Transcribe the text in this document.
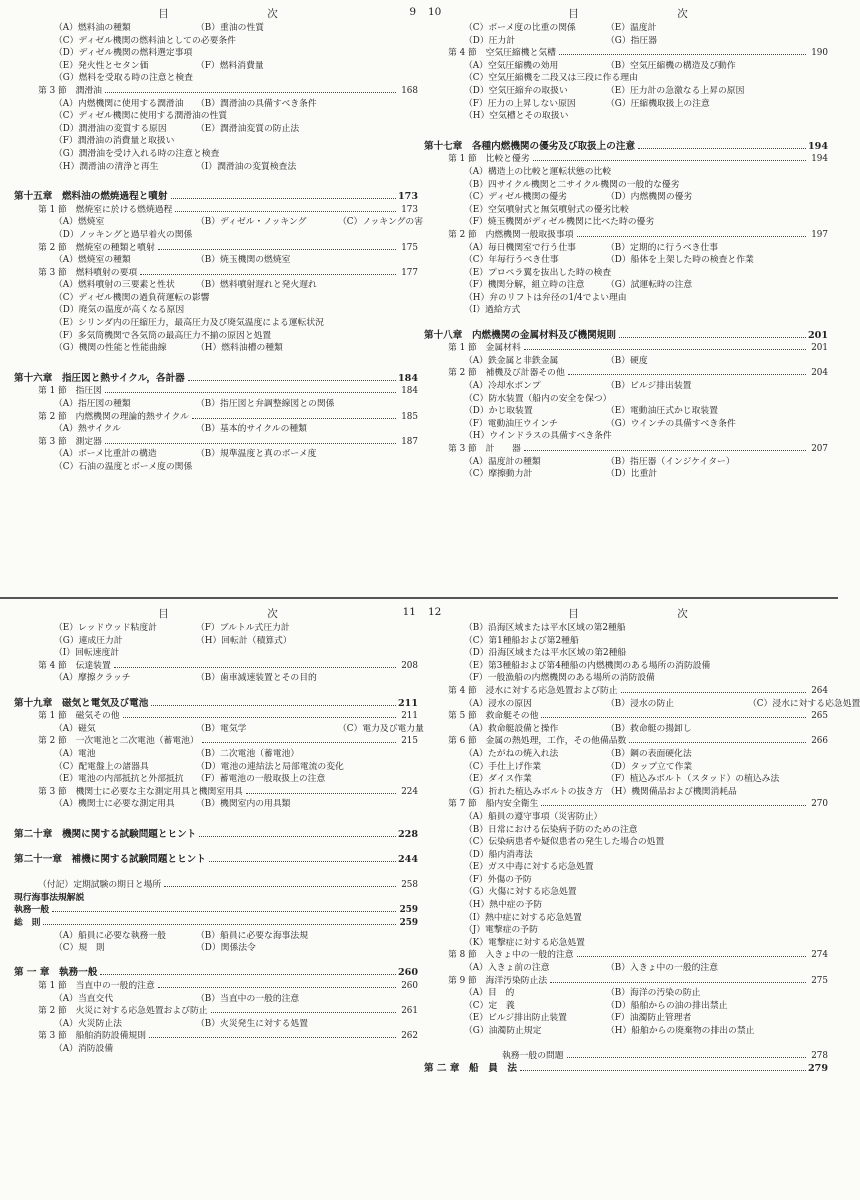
目　次	9
（A）燃料油の種類	（B）重油の性質
（C）ディゼル機関の燃料油としての必要条件
（D）ディゼル機関の燃料選定事項
（E）発火性とセタン価	（F）燃料消費量
（G）燃料を受取る時の注意と検査
第 3 節　潤滑油	168
（A）内燃機関に使用する潤滑油 （B）潤滑油の具備すべき条件
（C）ディゼル機関に使用する潤滑油の性質
（D）潤滑油の変質する原因	（E）潤滑油変質の防止法
（F）潤滑油の消費量と取扱い
（G）潤滑油を受け入れる時の注意と検査
（H）潤滑油の清浄と再生	（I）潤滑油の変質検査法
第十五章　燃料油の燃焼過程と噴射	173
第 1 節　燃焼室に於ける燃焼過程	173
（A）燃焼室	（B）ディゼル・ノッキング	（C）ノッキングの害
（D）ノッキングと過早着火の関係
第 2 節　燃焼室の種類と噴射	175
（A）燃焼室の種類	（B）焼玉機関の燃焼室
第 3 節　燃料噴射の要項	177
（A）燃料噴射の三要素と性状 （B）燃料噴射遅れと発火遅れ
（C）ディゼル機関の過負荷運転の影響
（D）廃気の温度が高くなる原因
（E）シリンダ内の圧縮圧力，最高圧力及び廃気温度による運転状況
（F）多気筒機関で各気筒の最高圧力不揃の原因と処置
（G）機関の性能と性能曲線	（H）燃料油槽の種類
第十六章　指圧図と熱サイクル，各計器	184
第 1 節　指圧図	184
（A）指圧図の種類	（B）指圧図と弁調整線図との関係
第 2 節　内燃機関の理論的熱サイクル	185
（A）熱サイクル	（B）基本的サイクルの種類
第 3 節　測定器	187
（A）ボーメ比重計の構造	（B）規準温度と真のボーメ度
（C）石油の温度とボーメ度の関係
目　次
10
（C）ボーメ度の比重の関係	（E）温度計
（D）圧力計	（G）指圧器
第 4 節　空気圧縮機と気槽	190
（A）空気圧縮機の効用	（B）空気圧縮機の構造及び動作
（C）空気圧縮機を二段又は三段に作る理由
（D）空気圧縮弁の取扱い	（E）圧力計の急激なる上昇の原因
（F）圧力の上昇しない原因	（G）圧縮機取扱上の注意
（H）空気槽とその取扱い
第十七章　各種内燃機関の優劣及び取扱上の注意	194
第 1 節　比較と優劣	194
（A）構造上の比較と運転状態の比較
（B）四サイクル機関と二サイクル機関の一般的な優劣
（C）ディゼル機関の優劣	（D）内燃機関の優劣
（E）空気噴射式と無気噴射式の優劣比較
（F）焼玉機関がディゼル機関に比べた時の優劣
第 2 節　内燃機関一般取扱事項	197
（A）毎日機関室で行う仕事	（B）定期的に行うべき仕事
（C）年毎行うべき仕事	（D）船体を上架した時の検査と作業
（E）プロペラ翼を抜出した時の検査
（F）機関分解，組立時の注意 （G）試運転時の注意
（H）弁のリフトは弁径の1/4でよい理由
（I）過給方式
第十八章　内燃機関の金属材料及び機関規則	201
第 1 節　金属材料	201
（A）鉄金属と非鉄金属	（B）硬度
第 2 節　補機及び計器その他	204
（A）冷却水ポンプ	（B）ビルジ排出装置
（C）防水装置（船内の安全を保つ）
（D）かじ取装置	（E）電動油圧式かじ取装置
（F）電動油圧ウインチ	（G）ウインチの具備すべき条件
（H）ウインドラスの具備すべき条件
第 3 節　計　　器	207
（A）温度計の種類	（B）指圧器（インジケイター）
（C）摩擦動力計	（D）比重計
目　次	11
（E）レッドウッド粘度計	（F）ブルトル式圧力計
（G）連成圧力計	（H）回転計（積算式）
（I）回転速度計
第 4 節　伝達装置	208
（A）摩擦クラッチ	（B）歯車減速装置とその目的
第十九章　磁気と電気及び電池	211
第 1 節　磁気その他	211
（A）磁気	（B）電気学	（C）電力及び電力量
第 2 節　一次電池と二次電池（蓄電池）	215
（A）電池	（B）二次電池（蓄電池）
（C）配電盤上の諸器具	（D）電池の連結法と局部電流の変化
（E）電池の内部抵抗と外部抵抗 （F）蓄電池の一般取扱上の注意
第 3 節　機関士に必要な主な測定用具と機関室用具	224
（A）機関士に必要な測定用具 （B）機関室内の用具類
第二十章　機関に関する試験問題とヒント	228
第二十一章　補機に関する試験問題とヒント	244
（付記）定期試験の期日と場所	258
現行海事法規解説
執務一般	259
総　則	259
（A）船員に必要な執務一般	（B）船員に必要な海事法規
（C）規　則	（D）関係法令
第 一 章　執務一般	260
第 1 節　当直中の一般的注意	260
（A）当直交代	（B）当直中の一般的注意
第 2 節　火災に対する応急処置および防止	261
（A）火災防止法	（B）火災発生に対する処置
第 3 節　船舶消防設備規則	262
（A）消防設備
目　次
12
（B）沿海区域または平水区域の第2種船
（C）第1種船および第2種船
（D）沿海区域または平水区域の第2種船
（E）第3種船および第4種船の内燃機関のある場所の消防設備
（F）一般漁船の内燃機関のある場所の消防設備
第 4 節　浸水に対する応急処置および防止	264
（A）浸水の原因	（B）浸水の防止	（C）浸水に対する応急処置
第 5 節　救命艇その他	265
（A）救命艇設備と操作	（B）救命艇の揚卸し
第 6 節　金属の熱処理，工作，その他備品数	266
（A）たがねの焼入れ法	（B）鋼の表面硬化法
（C）手仕上げ作業	（D）タップ立て作業
（E）ダイス作業	（F）植込みボルト（スタッド）の植込み法
（G）折れた植込みボルトの抜き方 （H）機関備品および機関消耗品
第 7 節　船内安全衛生	270
（A）船員の遵守事項（災害防止）
（B）日常における伝染病予防のための注意
（C）伝染病患者や疑似患者の発生した場合の処置
（D）船内消毒法
（E）ガス中毒に対する応急処置
（F）外傷の予防
（G）火傷に対する応急処置
（H）熱中症の予防
（I）熱中症に対する応急処置
（J）電撃症の予防
（K）電撃症に対する応急処置
第 8 節　入きょ中の一般的注意	274
（A）入きょ前の注意	（B）入きょ中の一般的注意
第 9 節　海洋汚染防止法	275
（A）目　的	（B）海洋の汚染の防止
（C）定　義	（D）船舶からの油の排出禁止
（E）ビルジ排出防止装置	（F）油濁防止管理者
（G）油濁防止規定	（H）船舶からの廃棄物の排出の禁止
執務一般の問題	278
第 二 章　船　員　法	279
